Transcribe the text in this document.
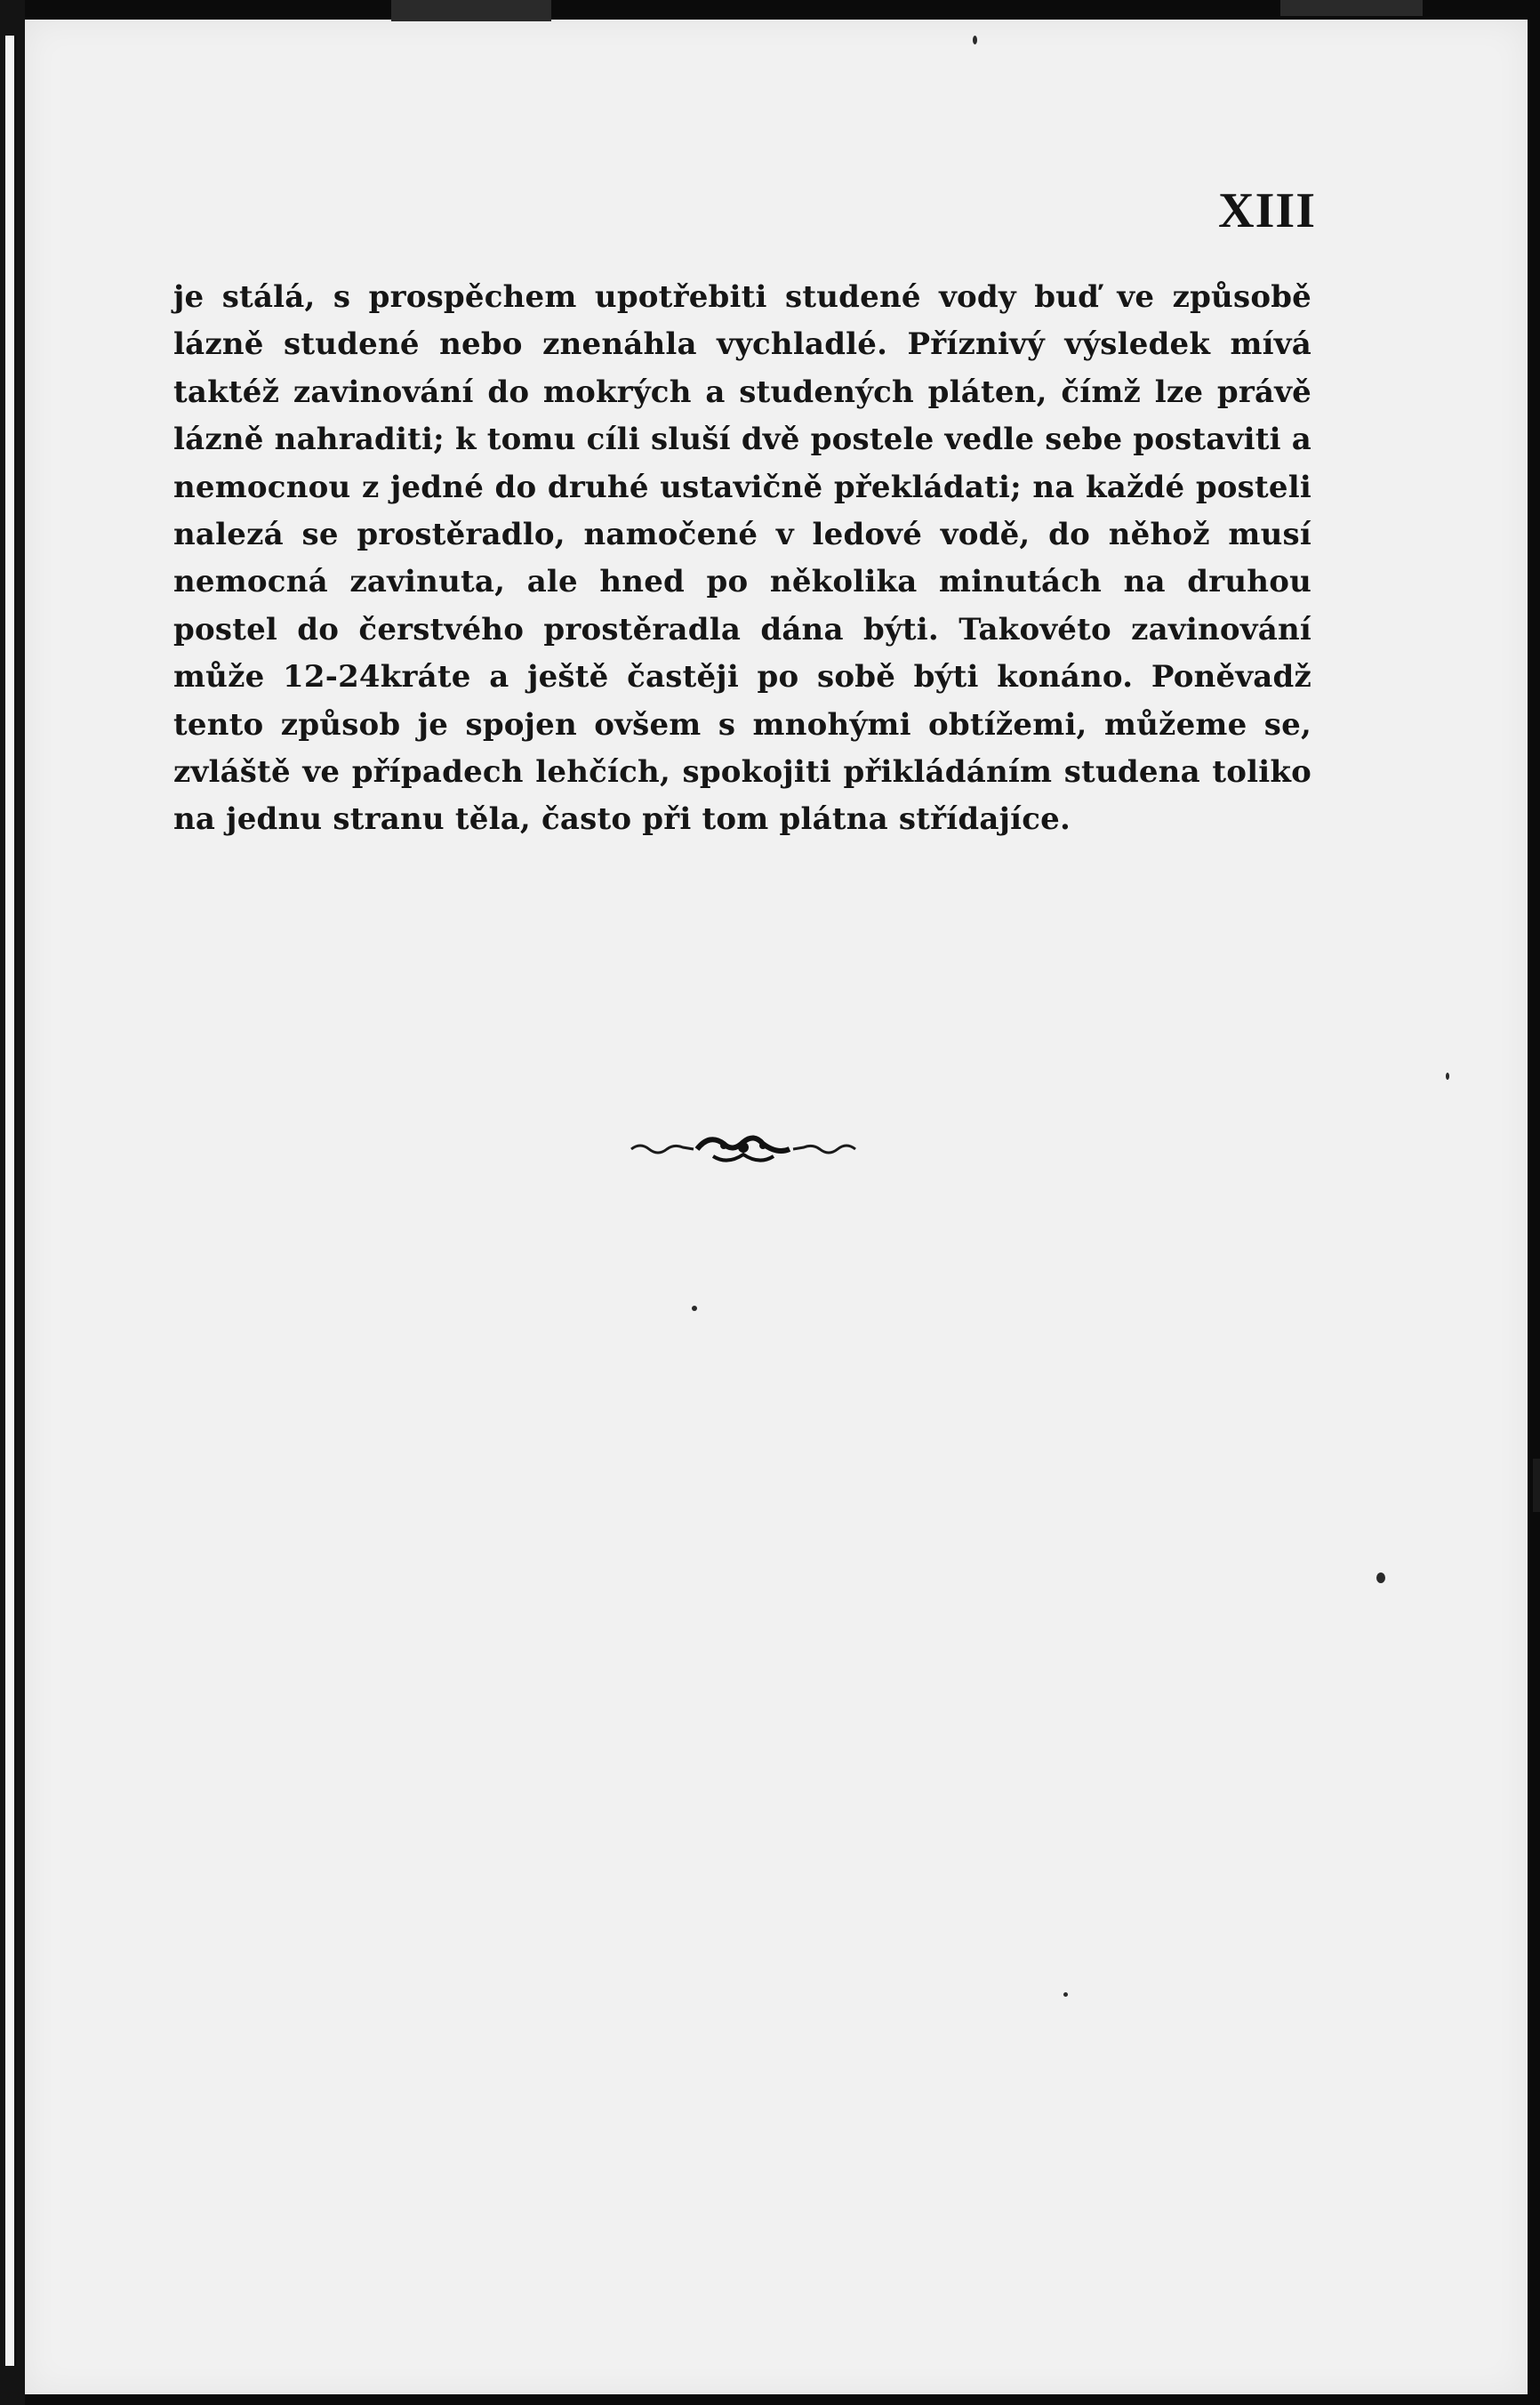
XIII

je stálá, s prospěchem upotřebiti studené vody buď ve způsobě lázně studené nebo znenáhla vychladlé. Příznivý výsledek mívá taktéž zavinování do mokrých a studených pláten, čímž lze právě lázně nahraditi; k tomu cíli sluší dvě postele vedle sebe postaviti a nemocnou z jedné do druhé ustavičně překládati; na každé posteli nalezá se prostěradlo, namočené v ledové vodě, do něhož musí nemocná zavinuta, ale hned po několika minutách na druhou postel do čerstvého prostěradla dána býti. Takovéto zavinování může 12-24kráte a ještě častěji po sobě býti konáno. Poněvadž tento způsob je spojen ovšem s mnohými obtížemi, můžeme se, zvláště ve případech lehčích, spokojiti přikládáním studena toliko na jednu stranu těla, často při tom plátna střídajíce.
